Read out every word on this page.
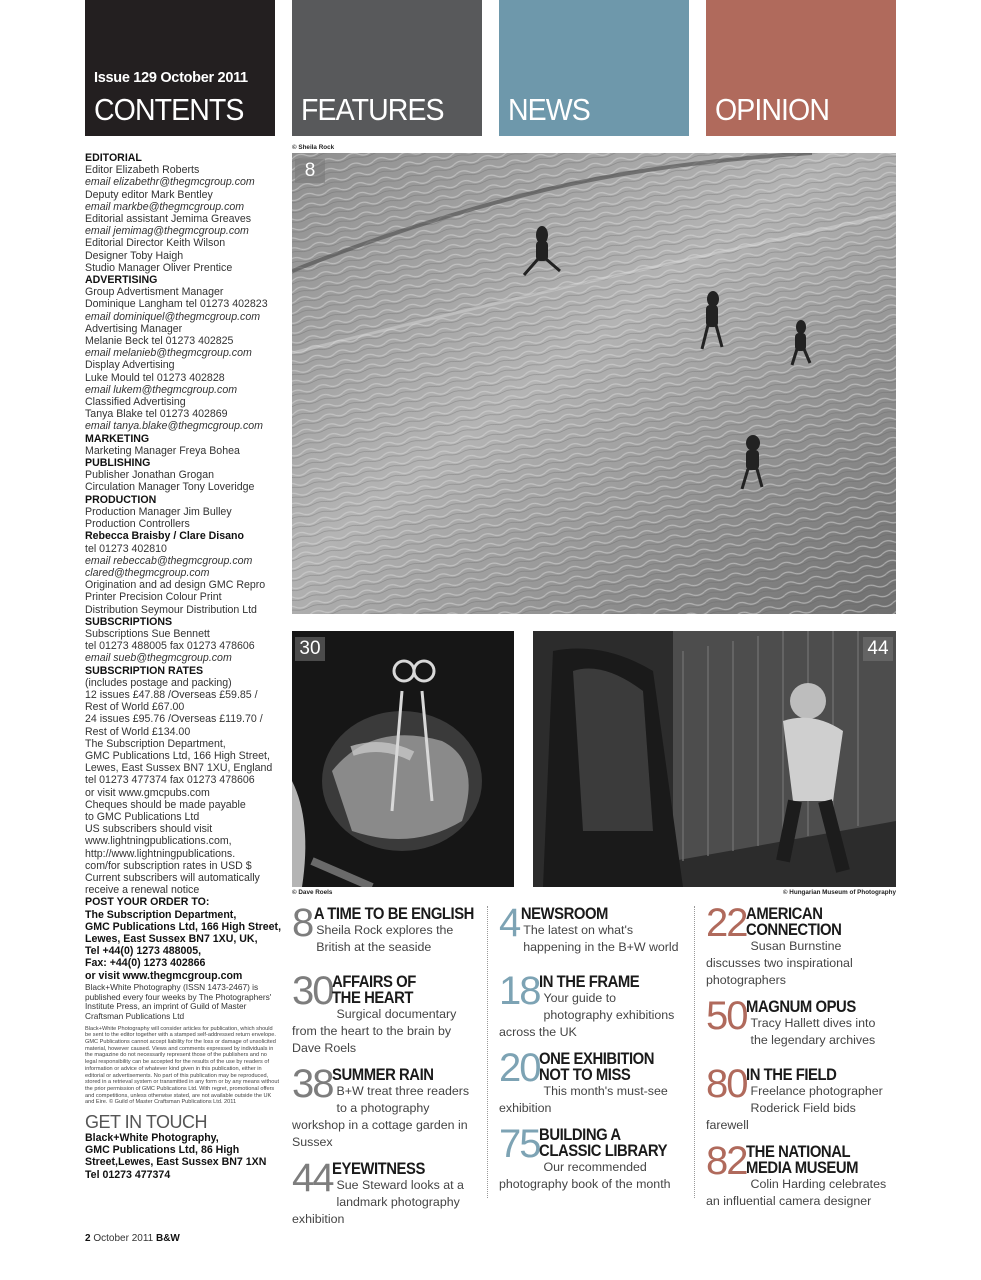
Issue 129 October 2011
CONTENTS FEATURES NEWS	OPINION
EDITORIAL
Editor Elizabeth Roberts
email elizabethr@thegmcgroup.com
Deputy editor Mark Bentley
email markbe@thegmcgroup.com
Editorial assistant Jemima Greaves
email jemimag@thegmcgroup.com
Editorial Director Keith Wilson
Designer Toby Haigh
Studio Manager Oliver Prentice
ADVERTISING
Group Advertisment Manager
Dominique Langham tel 01273 402823
email dominiquel@thegmcgroup.com
Advertising Manager
Melanie Beck tel 01273 402825
email melanieb@thegmcgroup.com
Display Advertising
Luke Mould tel 01273 402828
email lukem@thegmcgroup.com
Classified Advertising
Tanya Blake tel 01273 402869
email tanya.blake@thegmcgroup.com
MARKETING
Marketing Manager Freya Bohea
PUBLISHING
Publisher Jonathan Grogan
Circulation Manager Tony Loveridge
PRODUCTION
Production Manager Jim Bulley
Production Controllers
Rebecca Braisby / Clare Disano
tel 01273 402810
email rebeccab@thegmcgroup.com
clared@thegmcgroup.com
Origination and ad design GMC Repro
Printer Precision Colour Print
Distribution Seymour Distribution Ltd
SUBSCRIPTIONS
Subscriptions Sue Bennett
tel 01273 488005 fax 01273 478606
email sueb@thegmcgroup.com
SUBSCRIPTION RATES
(includes postage and packing)
12 issues £47.88 /Overseas £59.85 /
Rest of World £67.00
24 issues £95.76 /Overseas £119.70 /
Rest of World £134.00
The Subscription Department,
GMC Publications Ltd, 166 High Street,
Lewes, East Sussex BN7 1XU, England
tel 01273 477374 fax 01273 478606
or visit www.gmcpubs.com
Cheques should be made payable
to GMC Publications Ltd
US subscribers should visit
www.lightningpublications.com,
http://www.lightningpublications.
com/for subscription rates in USD $
Current subscribers will automatically
receive a renewal notice
POST YOUR ORDER TO:
The Subscription Department,
GMC Publications Ltd, 166 High Street,
Lewes, East Sussex BN7 1XU, UK,
Tel +44(0) 1273 488005,
Fax: +44(0) 1273 402866
or visit www.thegmcgroup.com
Black+White Photography (ISSN 1473-2467) is published every four weeks by The Photographers' Institute Press, an imprint of Guild of Master Craftsman Publications Ltd
Black+White Photography will consider articles for publication, which should be sent to the editor together with a stamped self-addressed return envelope. GMC Publications cannot accept liability for the loss or damage of unsolicited material, however caused. Views and comments expressed by individuals in the magazine do not necessarily represent those of the publishers and no legal responsibility can be accepted for the results of the use by readers of information or advice of whatever kind given in this publication, either in editorial or advertisements. No part of this publication may be reproduced, stored in a retrieval system or transmitted in any form or by any means without the prior permission of GMC Publications Ltd. With regret, promotional offers and competitions, unless otherwise stated, are not available outside the UK and Eire. © Guild of Master Craftsman Publications Ltd. 2011
GET IN TOUCH
Black+White Photography,
GMC Publications Ltd, 86 High
Street,Lewes, East Sussex BN7 1XN
Tel 01273 477374
© Sheila Rock
8
30
© Dave Roels
44
© Hungarian Museum of Photography
8 A TIME TO BE ENGLISH
Sheila Rock explores the British at the seaside
30 AFFAIRS OF
THE HEART
Surgical documentary from the heart to the brain by Dave Roels
38 SUMMER RAIN
B+W treat three readers to a photography workshop in a cottage garden in Sussex
44 EYEWITNESS
Sue Steward looks at a landmark photography exhibition
4 NEWSROOM
The latest on what's happening in the B+W world
18 IN THE FRAME
Your guide to photography exhibitions across the UK
20 ONE EXHIBITION
NOT TO MISS
This month's must-see exhibition
75 BUILDING A
CLASSIC LIBRARY
Our recommended photography book of the month
22 AMERICAN
CONNECTION
Susan Burnstine discusses two inspirational photographers
50 MAGNUM OPUS
Tracy Hallett dives into the legendary archives
80 IN THE FIELD
Freelance photographer Roderick Field bids farewell
82 THE NATIONAL
MEDIA MUSEUM
Colin Harding celebrates an influential camera designer
2 October 2011 B&W
